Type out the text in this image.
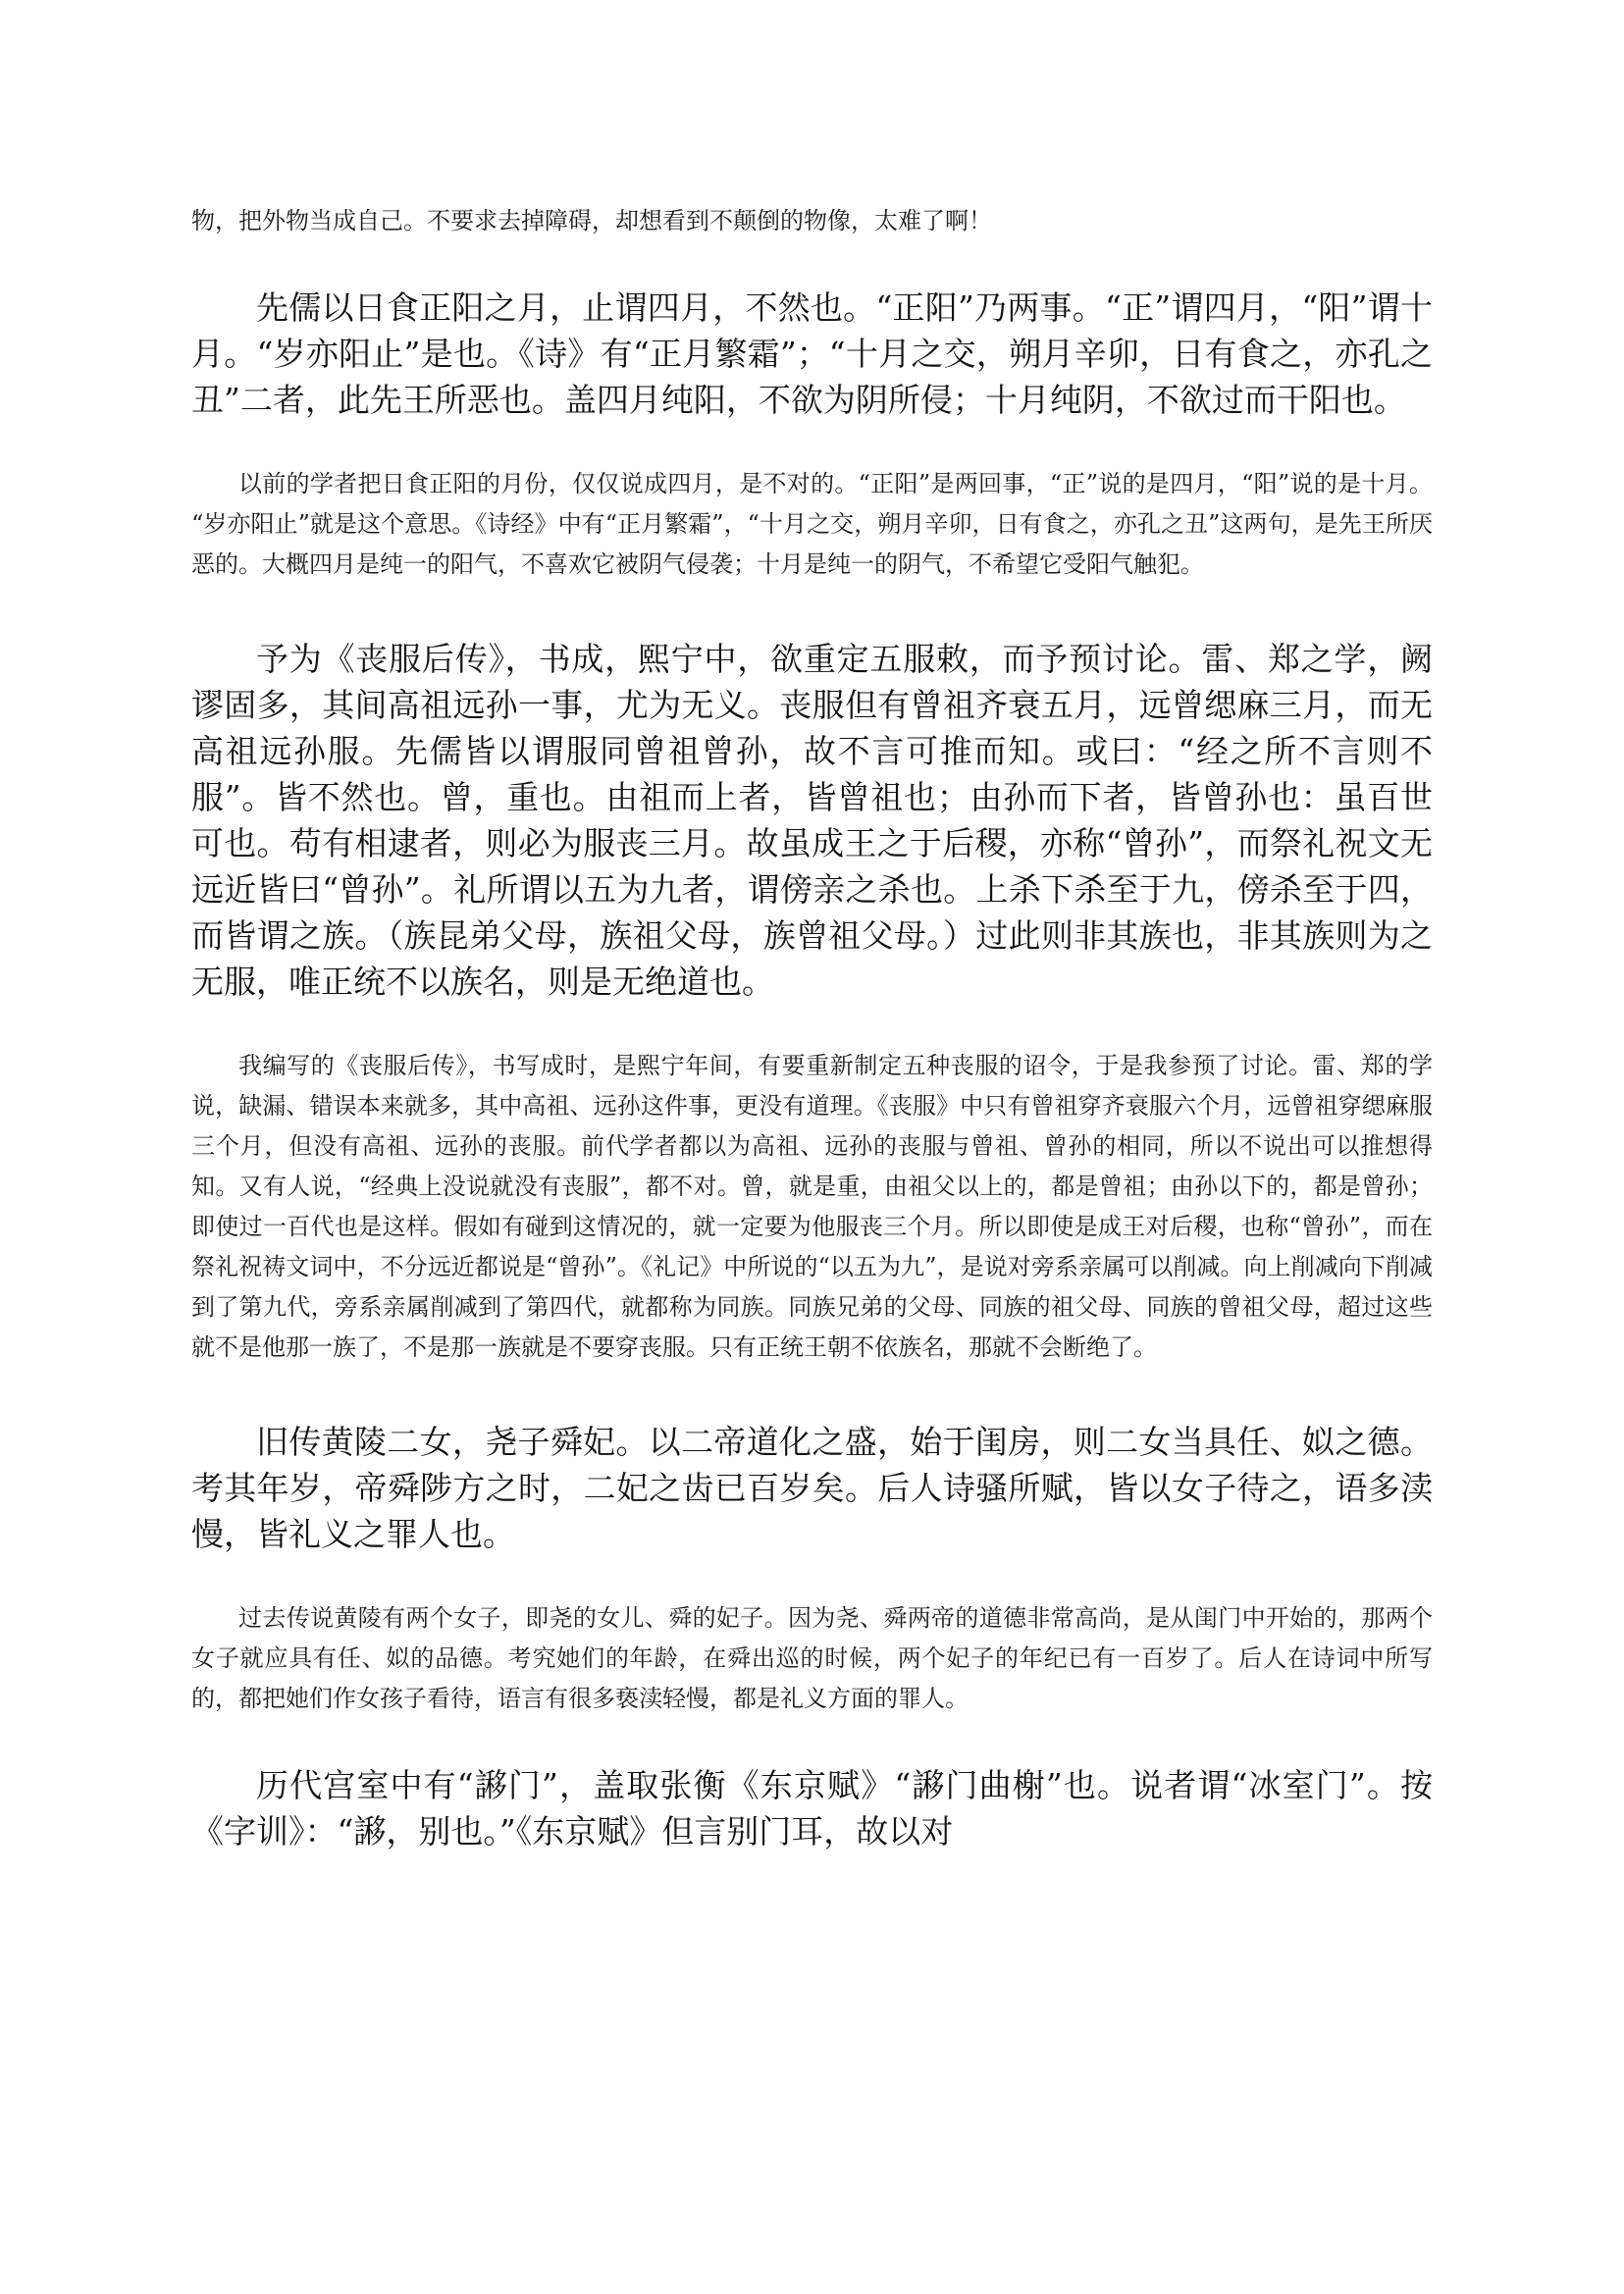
物，把外物当成自己。不要求去掉障碍，却想看到不颠倒的物像，太难了啊！

先儒以日食正阳之月，止谓四月，不然也。“正阳”乃两事。“正”谓四月，“阳”谓十月。“岁亦阳止”是也。《诗》有“正月繁霜”；“十月之交，朔月辛卯，日有食之，亦孔之丑”二者，此先王所恶也。盖四月纯阳，不欲为阴所侵；十月纯阴，不欲过而干阳也。

以前的学者把日食正阳的月份，仅仅说成四月，是不对的。“正阳”是两回事，“正”说的是四月，“阳”说的是十月。“岁亦阳止”就是这个意思。《诗经》中有“正月繁霜”，“十月之交，朔月辛卯，日有食之，亦孔之丑”这两句，是先王所厌恶的。大概四月是纯一的阳气，不喜欢它被阴气侵袭；十月是纯一的阴气，不希望它受阳气触犯。

予为《丧服后传》，书成，熙宁中，欲重定五服敕，而予预讨论。雷、郑之学，阙谬固多，其间高祖远孙一事，尤为无义。丧服但有曾祖齐衰五月，远曾缌麻三月，而无高祖远孙服。先儒皆以谓服同曾祖曾孙，故不言可推而知。或曰：“经之所不言则不服”。皆不然也。曾，重也。由祖而上者，皆曾祖也；由孙而下者，皆曾孙也：虽百世可也。苟有相逮者，则必为服丧三月。故虽成王之于后稷，亦称“曾孙”，而祭礼祝文无远近皆曰“曾孙”。礼所谓以五为九者，谓傍亲之杀也。上杀下杀至于九，傍杀至于四，而皆谓之族。（族昆弟父母，族祖父母，族曾祖父母。）过此则非其族也，非其族则为之无服，唯正统不以族名，则是无绝道也。

我编写的《丧服后传》，书写成时，是熙宁年间，有要重新制定五种丧服的诏令，于是我参预了讨论。雷、郑的学说，缺漏、错误本来就多，其中高祖、远孙这件事，更没有道理。《丧服》中只有曾祖穿齐衰服六个月，远曾祖穿缌麻服三个月，但没有高祖、远孙的丧服。前代学者都以为高祖、远孙的丧服与曾祖、曾孙的相同，所以不说出可以推想得知。又有人说，“经典上没说就没有丧服”，都不对。曾，就是重，由祖父以上的，都是曾祖；由孙以下的，都是曾孙；即使过一百代也是这样。假如有碰到这情况的，就一定要为他服丧三个月。所以即使是成王对后稷，也称“曾孙”，而在祭礼祝祷文词中，不分远近都说是“曾孙”。《礼记》中所说的“以五为九”，是说对旁系亲属可以削减。向上削减向下削减到了第九代，旁系亲属削减到了第四代，就都称为同族。同族兄弟的父母、同族的祖父母、同族的曾祖父母，超过这些就不是他那一族了，不是那一族就是不要穿丧服。只有正统王朝不依族名，那就不会断绝了。

旧传黄陵二女，尧子舜妃。以二帝道化之盛，始于闺房，则二女当具任、姒之德。考其年岁，帝舜陟方之时，二妃之齿已百岁矣。后人诗骚所赋，皆以女子待之，语多渎慢，皆礼义之罪人也。

过去传说黄陵有两个女子，即尧的女儿、舜的妃子。因为尧、舜两帝的道德非常高尚，是从闺门中开始的，那两个女子就应具有任、姒的品德。考究她们的年龄，在舜出巡的时候，两个妃子的年纪已有一百岁了。后人在诗词中所写的，都把她们作女孩子看待，语言有很多亵渎轻慢，都是礼义方面的罪人。

历代宫室中有“謻门”，盖取张衡《东京赋》“謻门曲榭”也。说者谓“冰室门”。按《字训》：“謻，别也。”《东京赋》但言别门耳，故以对
